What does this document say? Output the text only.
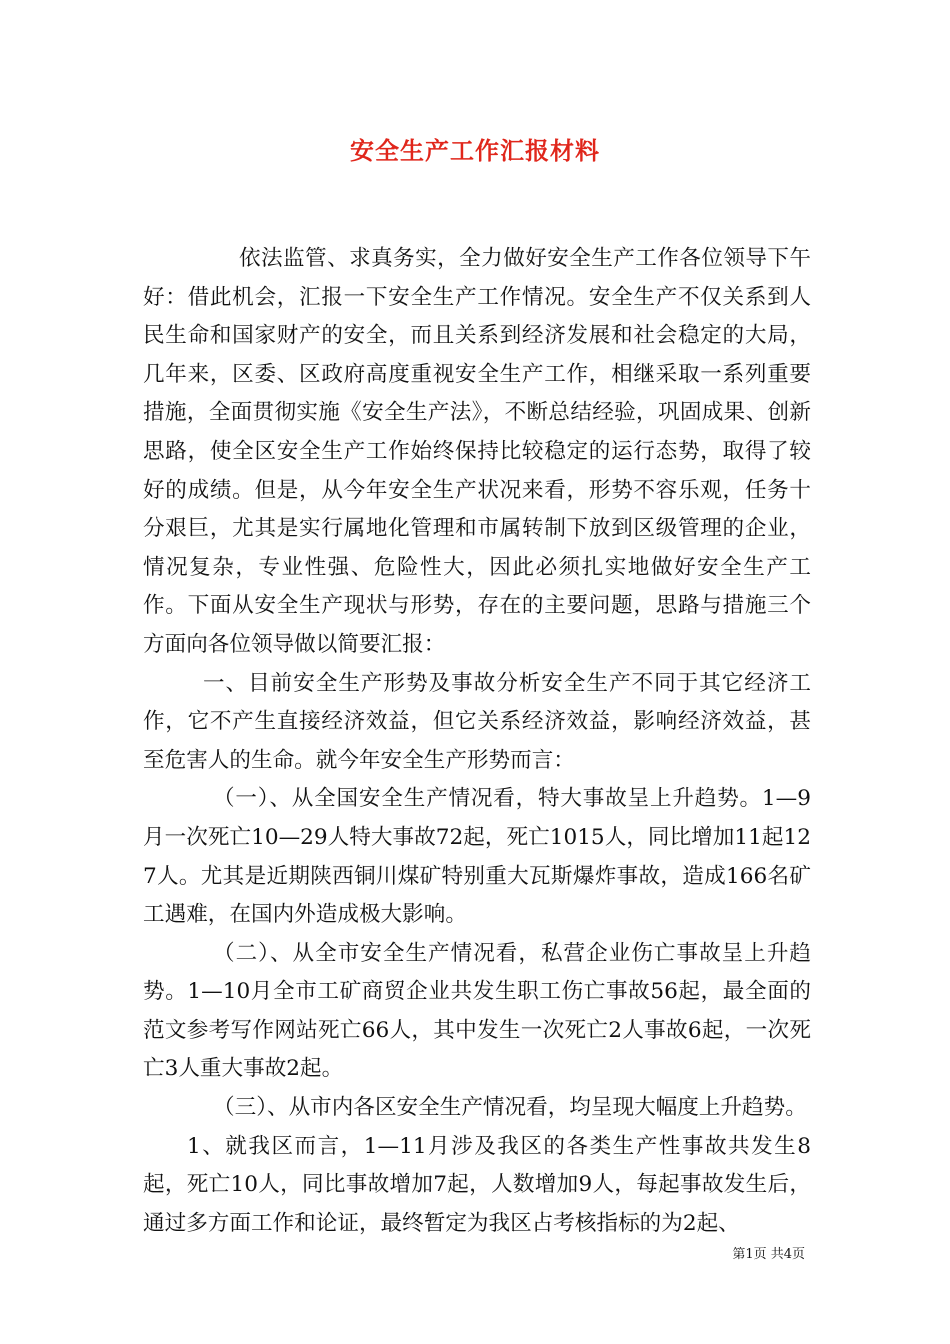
安全生产工作汇报材料

依法监管、求真务实，全力做好安全生产工作各位领导下午好：借此机会，汇报一下安全生产工作情况。安全生产不仅关系到人民生命和国家财产的安全，而且关系到经济发展和社会稳定的大局，几年来，区委、区政府高度重视安全生产工作，相继采取一系列重要措施，全面贯彻实施《安全生产法》，不断总结经验，巩固成果、创新思路，使全区安全生产工作始终保持比较稳定的运行态势，取得了较好的成绩。但是，从今年安全生产状况来看，形势不容乐观，任务十分艰巨，尤其是实行属地化管理和市属转制下放到区级管理的企业，情况复杂，专业性强、危险性大，因此必须扎实地做好安全生产工作。下面从安全生产现状与形势，存在的主要问题，思路与措施三个方面向各位领导做以简要汇报：

一、目前安全生产形势及事故分析安全生产不同于其它经济工作，它不产生直接经济效益，但它关系经济效益，影响经济效益，甚至危害人的生命。就今年安全生产形势而言：

（一）、从全国安全生产情况看，特大事故呈上升趋势。1—9月一次死亡10—29人特大事故72起，死亡1015人，同比增加11起127人。尤其是近期陕西铜川煤矿特别重大瓦斯爆炸事故，造成166名矿工遇难，在国内外造成极大影响。

（二）、从全市安全生产情况看，私营企业伤亡事故呈上升趋势。1—10月全市工矿商贸企业共发生职工伤亡事故56起，最全面的范文参考写作网站死亡66人，其中发生一次死亡2人事故6起，一次死亡3人重大事故2起。

（三）、从市内各区安全生产情况看，均呈现大幅度上升趋势。

1、就我区而言，1—11月涉及我区的各类生产性事故共发生8起，死亡10人，同比事故增加7起，人数增加9人，每起事故发生后，通过多方面工作和论证，最终暂定为我区占考核指标的为2起、

第1页 共4页
